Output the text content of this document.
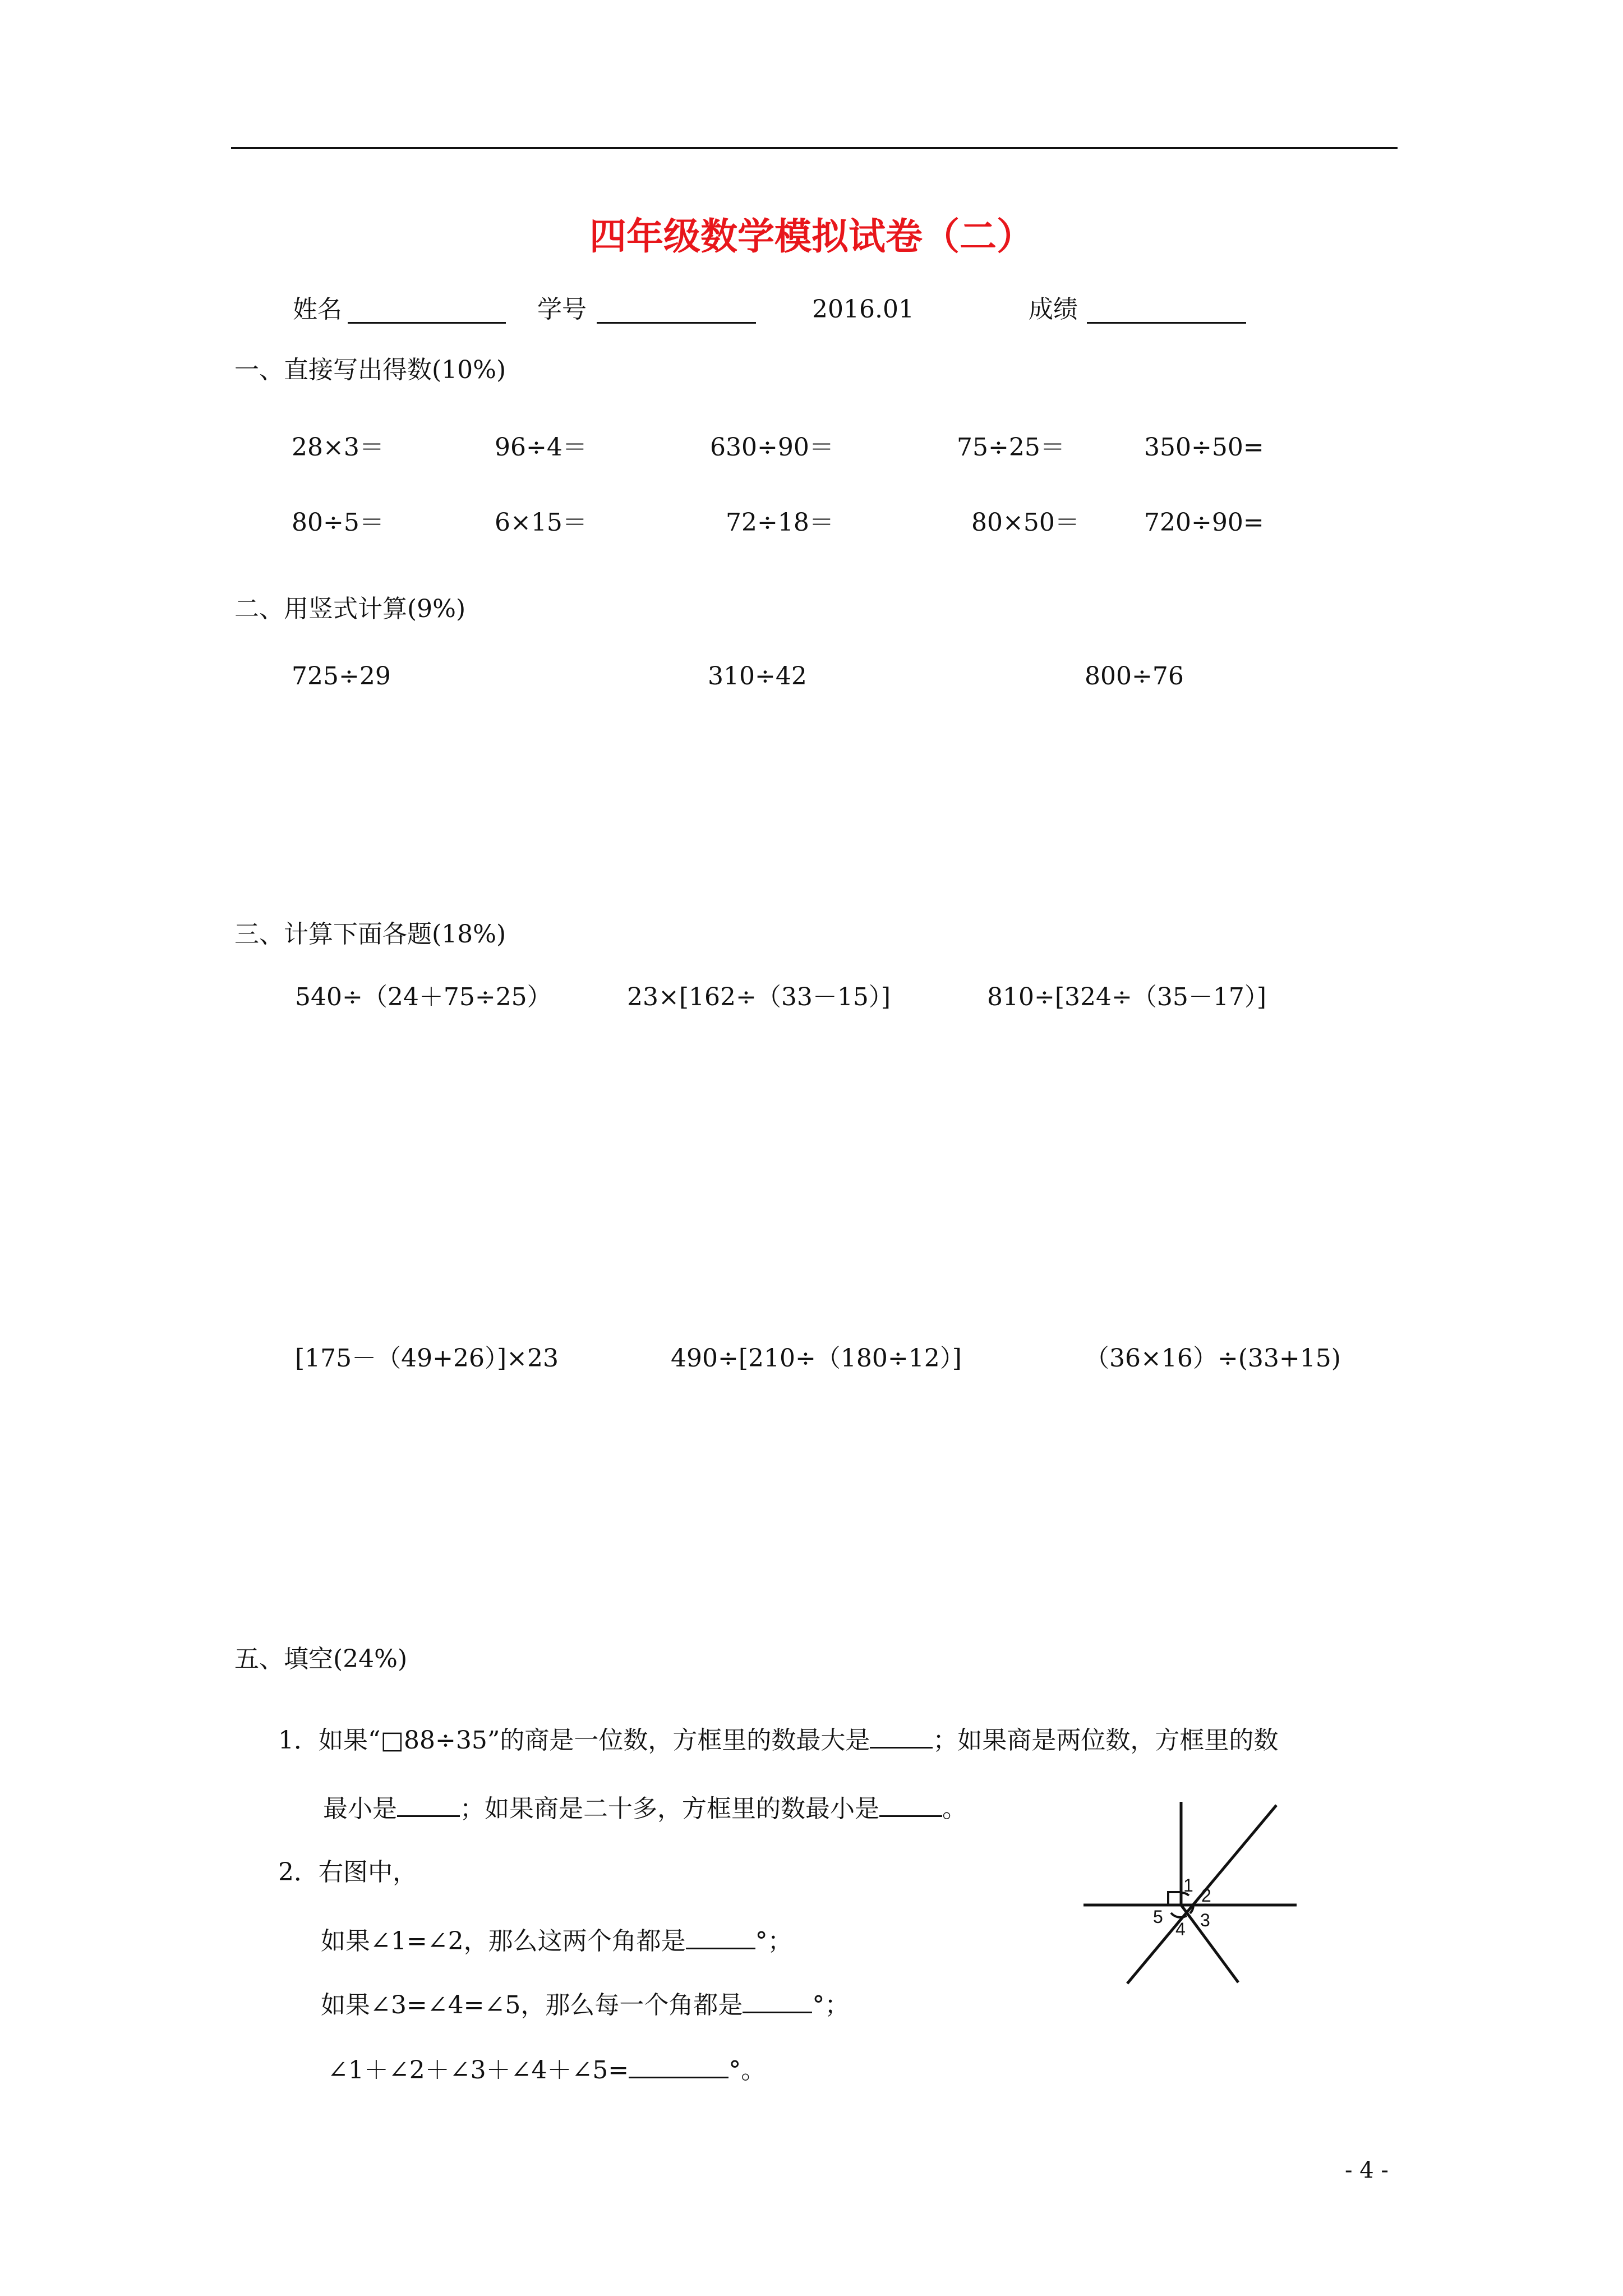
四年级数学模拟试卷（二）
姓名	学号	2016.01	成绩
一、直接写出得数(10%)
28×3＝	96÷4＝	630÷90＝	75÷25＝	350÷50=
80÷5＝	6×15＝	72÷18＝	80×50＝	720÷90=
二、用竖式计算(9%)
725÷29	310÷42	800÷76
三、计算下面各题(18%)
540÷（24＋75÷25）	23×[162÷（33－15）]	810÷[324÷（35－17）]
[175－（49+26）]×23	490÷[210÷（180÷12）]	（36×16）÷(33+15)
五、填空(24%)
1．如果“□88÷35”的商是一位数，方框里的数最大是	；如果商是两位数，方框里的数
最小是	；如果商是二十多，方框里的数最小是	。
2．右图中，
如果∠1=∠2，那么这两个角都是	°；
如果∠3=∠4=∠5，那么每一个角都是	°；
∠1＋∠2＋∠3＋∠4＋∠5=	°。
1 2
3
4
5
- 4 -
